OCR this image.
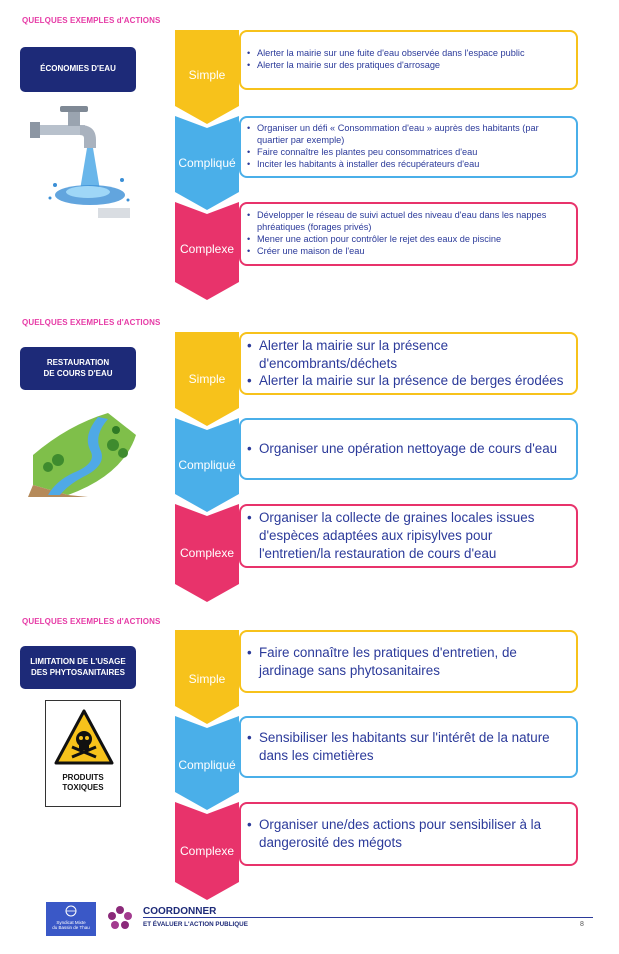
QUELQUES EXEMPLES d'ACTIONS
ÉCONOMIES D'EAU	Simple
• Alerter la mairie sur une fuite d'eau observée dans l'espace public
• Alerter la mairie sur des pratiques d'arrosage
Compliqué
• Organiser un défi « Consommation d'eau » auprès des habitants (par quartier par exemple)
• Faire connaître les plantes peu consommatrices d'eau
• Inciter les habitants à installer des récupérateurs d'eau
Complexe
• Développer le réseau de suivi actuel des niveau d'eau dans les nappes phréatiques (forages privés)
• Mener une action pour contrôler le rejet des eaux de piscine
• Créer une maison de l'eau
QUELQUES EXEMPLES d'ACTIONS
RESTAURATION
DE COURS D'EAU	Simple
• Alerter la mairie sur la présence d'encombrants/déchets
• Alerter la mairie sur la présence de berges érodées
Compliqué
• Organiser une opération nettoyage de cours d'eau
Complexe
• Organiser la collecte de graines locales issues d'espèces adaptées aux ripisylves pour l'entretien/la restauration de cours d'eau
QUELQUES EXEMPLES d'ACTIONS
LIMITATION DE L'USAGE
DES PHYTOSANITAIRES
PRODUITS
TOXIQUES
Simple
• Faire connaître les pratiques d'entretien, de jardinage sans phytosanitaires
Compliqué
• Sensibiliser les habitants sur l'intérêt de la nature dans les cimetières
Complexe
• Organiser une/des actions pour sensibiliser à la dangerosité des mégots
Syndicat Mixte
du Bassin de Thau
COORDONNER
ET ÉVALUER L'ACTION PUBLIQUE	8
